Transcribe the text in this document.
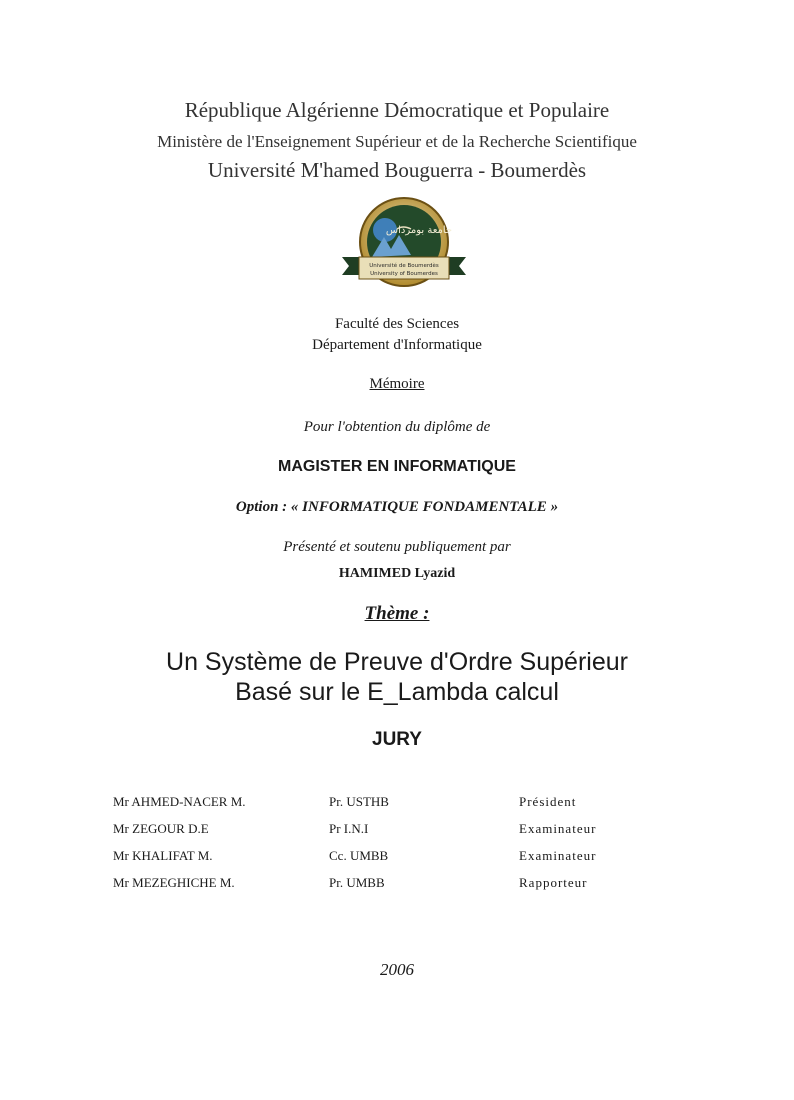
République Algérienne Démocratique et Populaire
Ministère de l'Enseignement Supérieur et de la Recherche Scientifique
Université M'hamed Bouguerra - Boumerdès
جامعة بومرداس
Université de Boumerdès
University of Boumerdes
Faculté des Sciences
Département d'Informatique
Mémoire
Pour l'obtention du diplôme de
MAGISTER EN INFORMATIQUE
Option : « INFORMATIQUE FONDAMENTALE »
Présenté et soutenu publiquement par
HAMIMED Lyazid
Thème :
Un Système de Preuve d'Ordre Supérieur
Basé sur le E_Lambda calcul
JURY
Mr AHMED-NACER M.	Pr. USTHB	Président
Mr ZEGOUR D.E	Pr I.N.I	Examinateur
Mr KHALIFAT M.	Cc. UMBB	Examinateur
Mr MEZEGHICHE M.	Pr. UMBB	Rapporteur
2006
